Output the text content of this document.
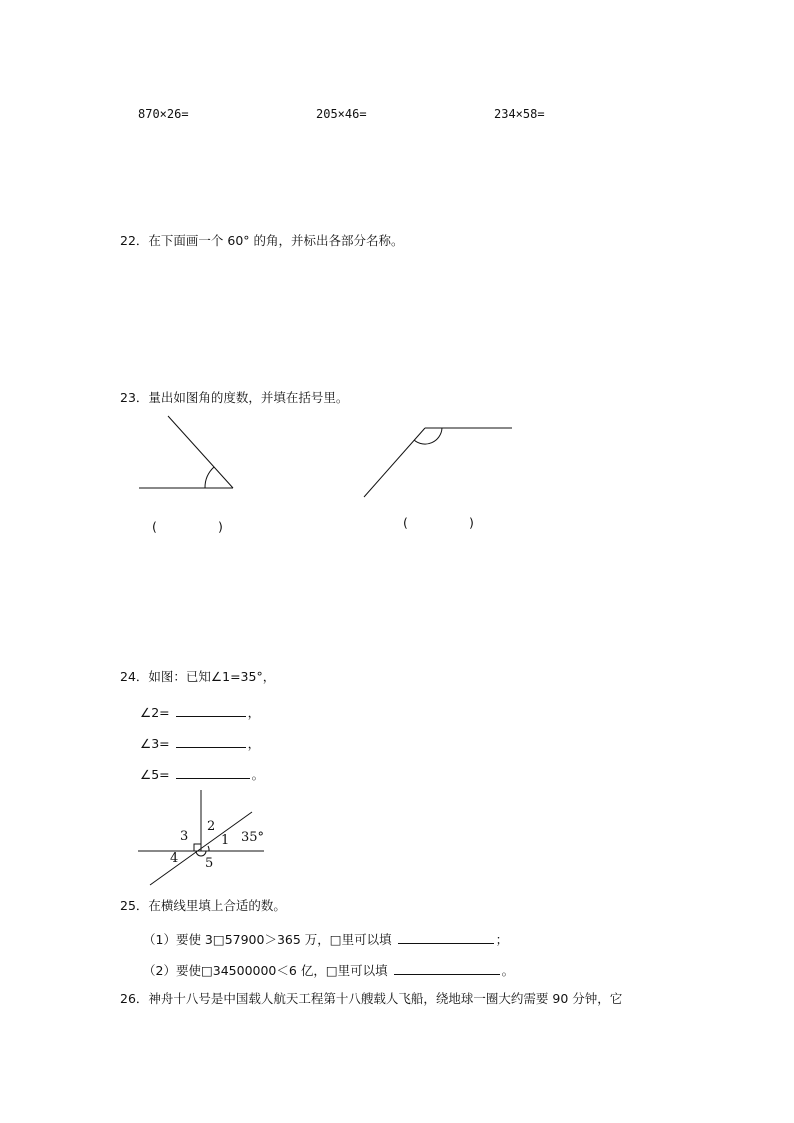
870×26=	205×46=	234×58=
22．在下面画一个 60° 的角，并标出各部分名称。
23．量出如图角的度数，并填在括号里。
(	)	(	)
24．如图：已知∠1=35°，
∠2=	，
∠3=	，
∠5=	。
3
2
1 35°
4 5
25．在横线里填上合适的数。
（1）要使 3□57900＞365 万，□里可以填	；
（2）要使□34500000＜6 亿，□里可以填	。
26．神舟十八号是中国载人航天工程第十八艘载人飞船，绕地球一圈大约需要 90 分钟，它
